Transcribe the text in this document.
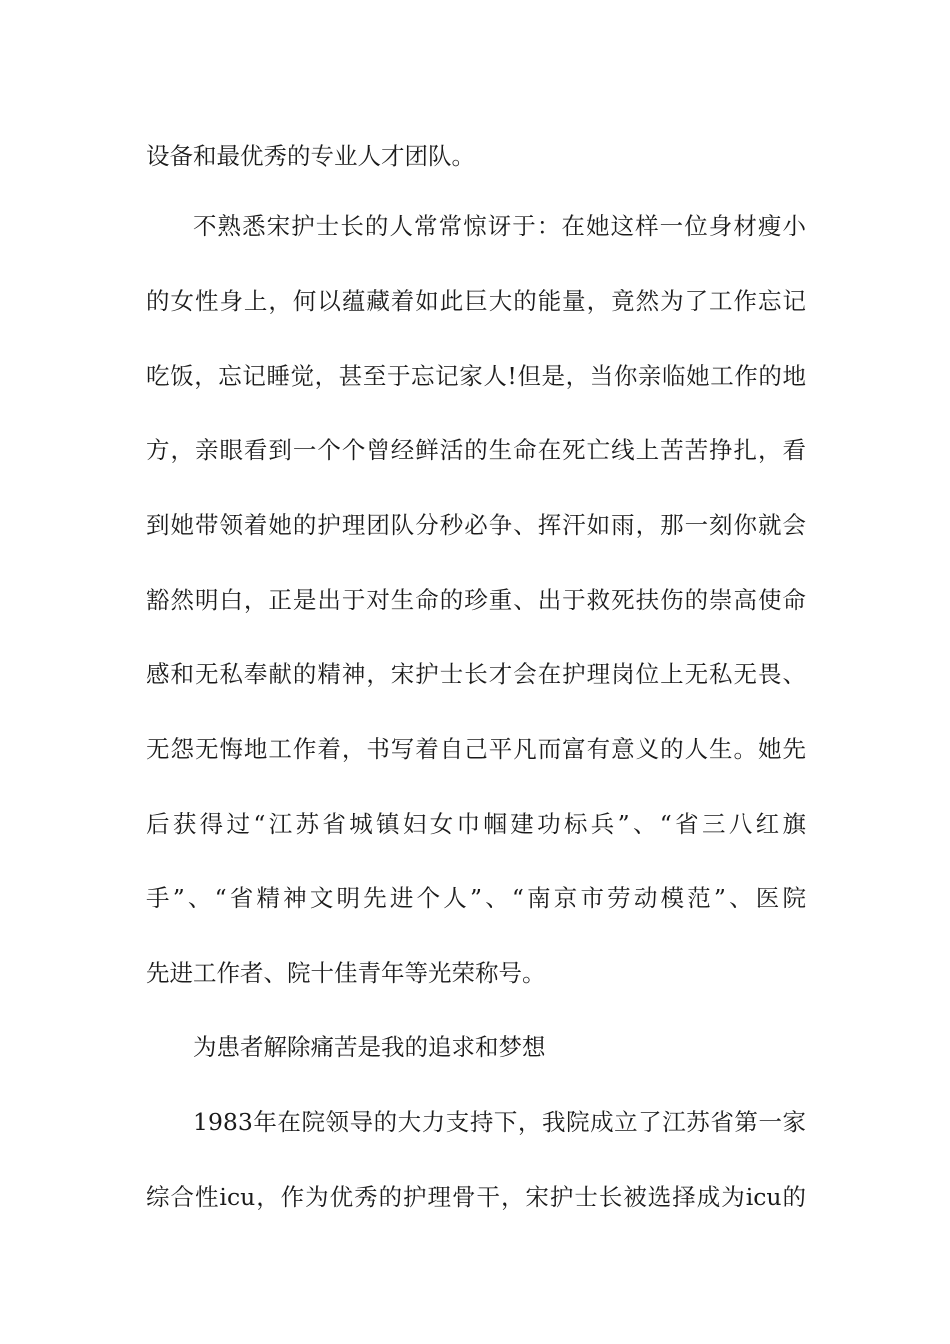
设备和最优秀的专业人才团队。
不熟悉宋护士长的人常常惊讶于：在她这样一位身材瘦小
的女性身上，何以蕴藏着如此巨大的能量，竟然为了工作忘记
吃饭，忘记睡觉，甚至于忘记家人!但是，当你亲临她工作的地
方，亲眼看到一个个曾经鲜活的生命在死亡线上苦苦挣扎，看
到她带领着她的护理团队分秒必争、挥汗如雨，那一刻你就会
豁然明白，正是出于对生命的珍重、出于救死扶伤的崇高使命
感和无私奉献的精神，宋护士长才会在护理岗位上无私无畏、
无怨无悔地工作着，书写着自己平凡而富有意义的人生。她先
后获得过“江苏省城镇妇女巾帼建功标兵”、“省三八红旗
手”、“省精神文明先进个人”、“南京市劳动模范”、医院
先进工作者、院十佳青年等光荣称号。
为患者解除痛苦是我的追求和梦想
1983年在院领导的大力支持下，我院成立了江苏省第一家
综合性icu，作为优秀的护理骨干，宋护士长被选择成为icu的
